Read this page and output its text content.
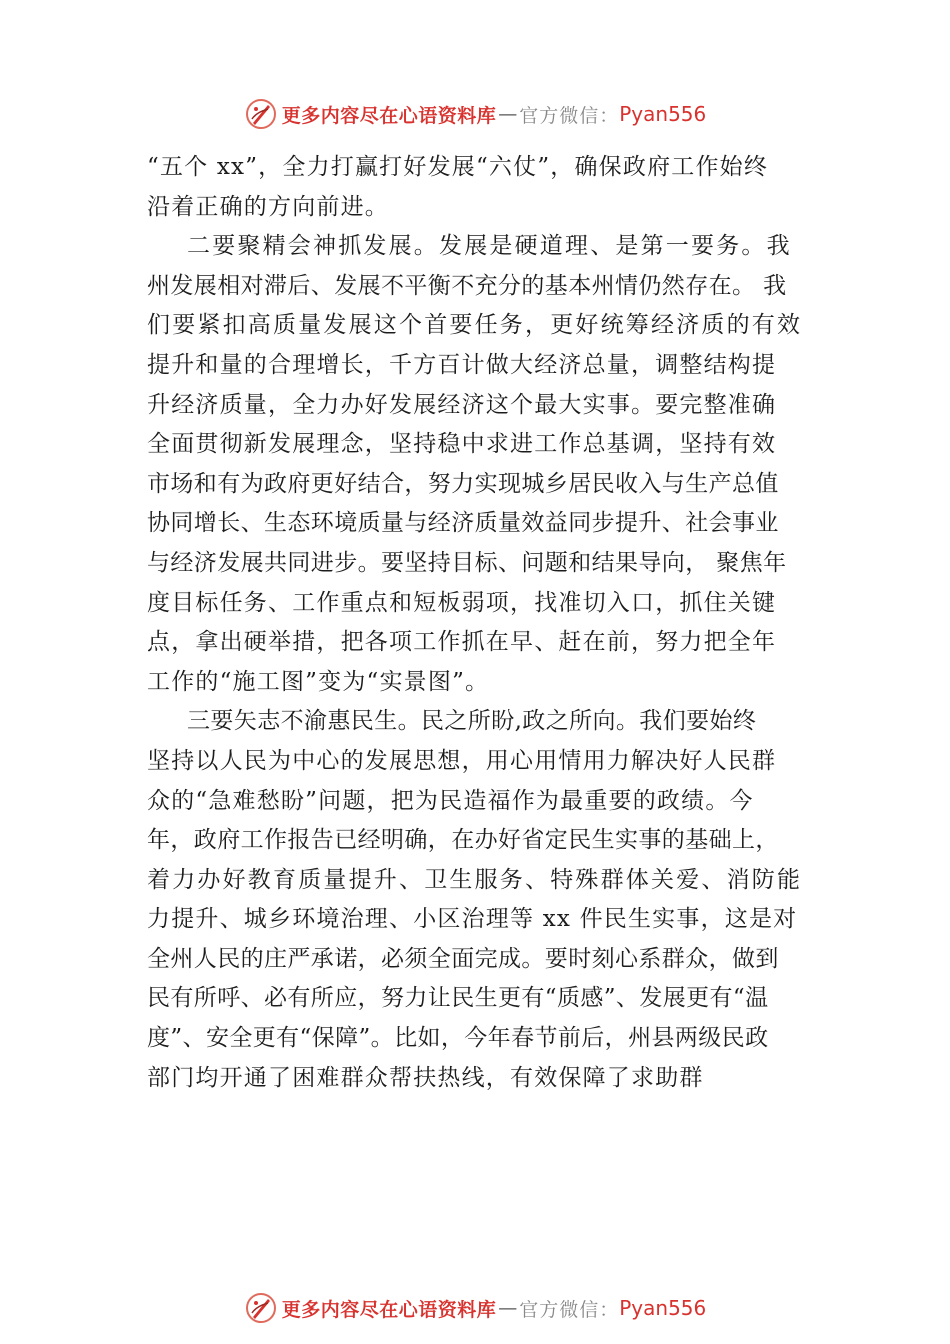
更多内容尽在心语资料库 — 官方微信： Pyan556
“五个 xx”，全力打赢打好发展“六仗”，确保政府工作始终
沿着正确的方向前进。
二要聚精会神抓发展。发展是硬道理、是第一要务。我
州发展相对滞后、发展不平衡不充分的基本州情仍然存在。 我
们要紧扣高质量发展这个首要任务，更好统筹经济质的有效
提升和量的合理增长，千方百计做大经济总量，调整结构提
升经济质量，全力办好发展经济这个最大实事。要完整准确
全面贯彻新发展理念，坚持稳中求进工作总基调，坚持有效
市场和有为政府更好结合，努力实现城乡居民收入与生产总值
协同增长、生态环境质量与经济质量效益同步提升、社会事业
与经济发展共同进步。要坚持目标、问题和结果导向， 聚焦年
度目标任务、工作重点和短板弱项，找准切入口，抓住关键
点，拿出硬举措，把各项工作抓在早、赶在前，努力把全年
工作的“施工图”变为“实景图”。
三要矢志不渝惠民生。民之所盼,政之所向。我们要始终
坚持以人民为中心的发展思想，用心用情用力解决好人民群
众的“急难愁盼”问题，把为民造福作为最重要的政绩。今
年，政府工作报告已经明确，在办好省定民生实事的基础上，
着力办好教育质量提升、卫生服务、特殊群体关爱、消防能
力提升、城乡环境治理、小区治理等 xx 件民生实事，这是对
全州人民的庄严承诺，必须全面完成。要时刻心系群众，做到
民有所呼、必有所应，努力让民生更有“质感”、发展更有“温
度”、安全更有“保障”。比如，今年春节前后，州县两级民政
部门均开通了困难群众帮扶热线，有效保障了求助群
更多内容尽在心语资料库 — 官方微信： Pyan556
